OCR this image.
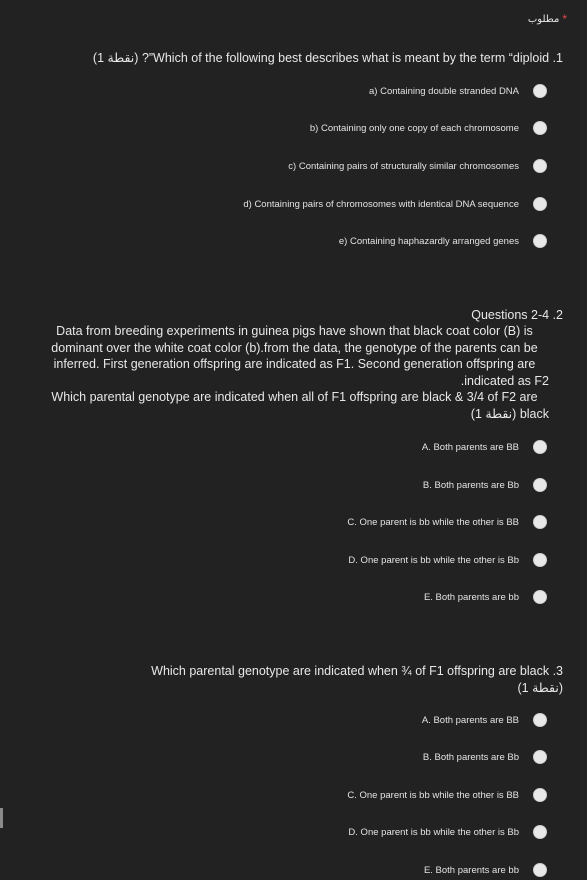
مطلوب *
(1 نقطة) ?”Which of the following best describes what is meant by the term “diploid .1
a) Containing double stranded DNA
b) Containing only one copy of each chromosome
c) Containing pairs of structurally similar chromosomes
d) Containing pairs of chromosomes with identical DNA sequence
e) Containing haphazardly arranged genes
Questions 2-4 .2
Data from breeding experiments in guinea pigs have shown that black coat color (B) is
dominant over the white coat color (b).from the data, the genotype of the parents can be
inferred. First generation offspring are indicated as F1. Second generation offspring are
.indicated as F2
Which parental genotype are indicated when all of F1 offspring are black & 3/4 of F2 are
(1 نقطة) black
A. Both parents are BB
B. Both parents are Bb
C. One parent is bb while the other is BB
D. One parent is bb while the other is Bb
E. Both parents are bb
Which parental genotype are indicated when ¾ of F1 offspring are black .3
(1 نقطة)
A. Both parents are BB
B. Both parents are Bb
C. One parent is bb while the other is BB
D. One parent is bb while the other is Bb
E. Both parents are bb
